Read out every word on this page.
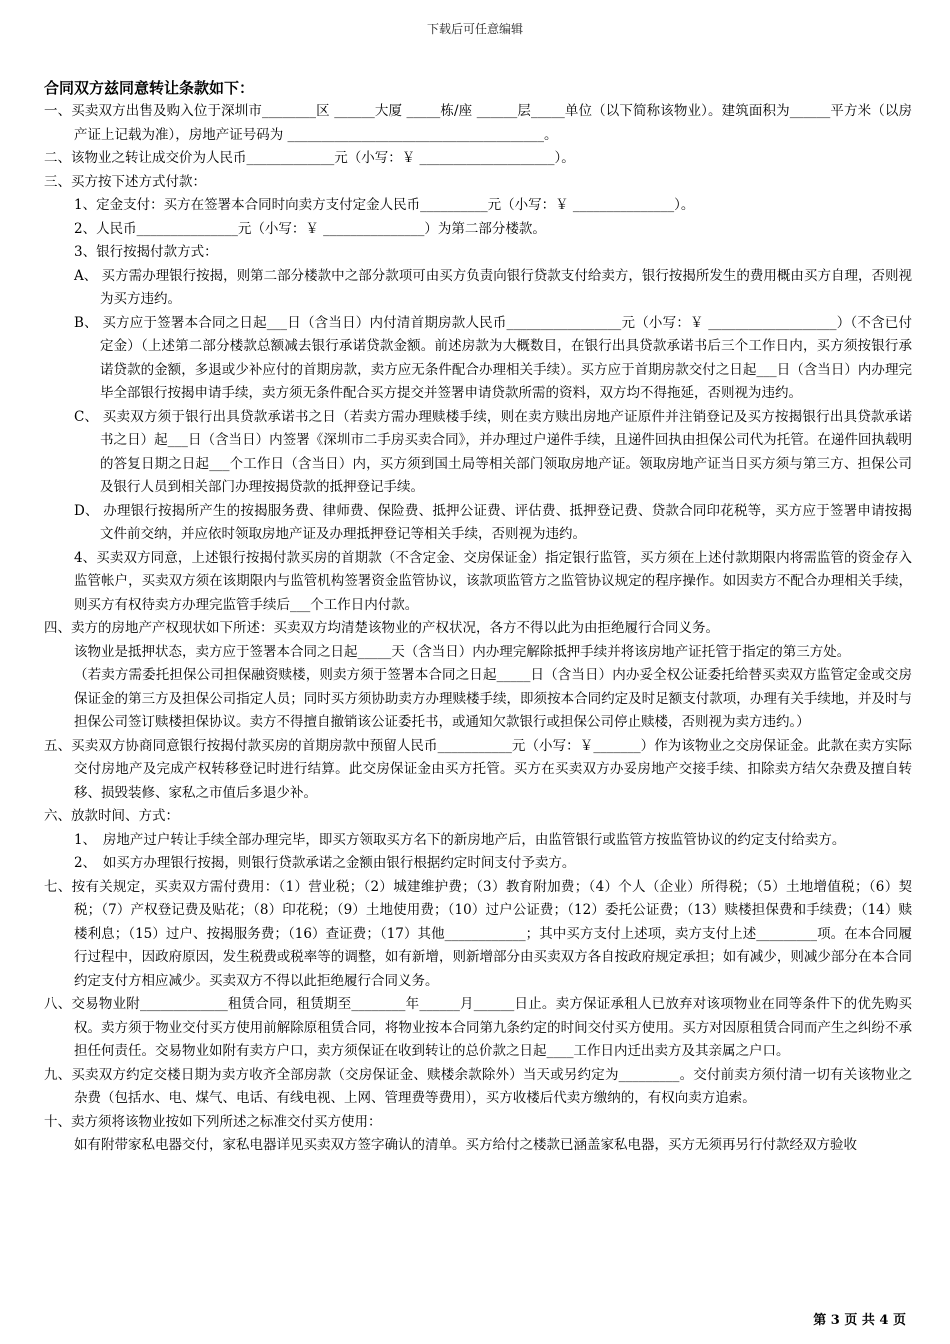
下载后可任意编辑
合同双方兹同意转让条款如下：
一、买卖双方出售及购入位于深圳市________区 ______大厦 _____栋/座 ______层_____单位（以下简称该物业）。建筑面积为______平方米（以房产证上记载为准），房地产证号码为 ______________________________________。
二、该物业之转让成交价为人民币_____________元（小写：￥ ____________________）。
三、买方按下述方式付款：
1、定金支付：买方在签署本合同时向卖方支付定金人民币__________元（小写：￥ _______________）。
2、人民币_______________元（小写：￥ _______________）为第二部分楼款。
3、银行按揭付款方式：
A、 买方需办理银行按揭，则第二部分楼款中之部分款项可由买方负责向银行贷款支付给卖方，银行按揭所发生的费用概由买方自理，否则视为买方违约。
B、 买方应于签署本合同之日起___日（含当日）内付清首期房款人民币_________________元（小写：￥ ___________________）（不含已付定金）（上述第二部分楼款总额减去银行承诺贷款金额。前述房款为大概数目，在银行出具贷款承诺书后三个工作日内，买方须按银行承诺贷款的金额，多退或少补应付的首期房款，卖方应无条件配合办理相关手续）。买方应于首期房款交付之日起___日（含当日）内办理完毕全部银行按揭申请手续，卖方须无条件配合买方提交并签署申请贷款所需的资料，双方均不得拖延，否则视为违约。
C、 买卖双方须于银行出具贷款承诺书之日（若卖方需办理赎楼手续，则在卖方赎出房地产证原件并注销登记及买方按揭银行出具贷款承诺书之日）起___日（含当日）内签署《深圳市二手房买卖合同》，并办理过户递件手续，且递件回执由担保公司代为托管。在递件回执载明的答复日期之日起___个工作日（含当日）内，买方须到国土局等相关部门领取房地产证。领取房地产证当日买方须与第三方、担保公司及银行人员到相关部门办理按揭贷款的抵押登记手续。
D、 办理银行按揭所产生的按揭服务费、律师费、保险费、抵押公证费、评估费、抵押登记费、贷款合同印花税等，买方应于签署申请按揭文件前交纳，并应依时领取房地产证及办理抵押登记等相关手续，否则视为违约。
4、买卖双方同意，上述银行按揭付款买房的首期款（不含定金、交房保证金）指定银行监管，买方须在上述付款期限内将需监管的资金存入监管帐户，买卖双方须在该期限内与监管机构签署资金监管协议，该款项监管方之监管协议规定的程序操作。如因卖方不配合办理相关手续，则买方有权待卖方办理完监管手续后___个工作日内付款。
四、卖方的房地产产权现状如下所述：买卖双方均清楚该物业的产权状况，各方不得以此为由拒绝履行合同义务。
该物业是抵押状态，卖方应于签署本合同之日起_____天（含当日）内办理完解除抵押手续并将该房地产证托管于指定的第三方处。
（若卖方需委托担保公司担保融资赎楼，则卖方须于签署本合同之日起_____日（含当日）内办妥全权公证委托给替买卖双方监管定金或交房保证金的第三方及担保公司指定人员；同时买方须协助卖方办理赎楼手续，即须按本合同约定及时足额支付款项，办理有关手续地，并及时与担保公司签订赎楼担保协议。卖方不得擅自撤销该公证委托书，或通知欠款银行或担保公司停止赎楼，否则视为卖方违约。）
五、买卖双方协商同意银行按揭付款买房的首期房款中预留人民币___________元（小写：￥_______）作为该物业之交房保证金。此款在卖方实际交付房地产及完成产权转移登记时进行结算。此交房保证金由买方托管。买方在买卖双方办妥房地产交接手续、扣除卖方结欠杂费及擅自转移、损毁装修、家私之市值后多退少补。
六、放款时间、方式：
1、　房地产过户转让手续全部办理完毕，即买方领取买方名下的新房地产后，由监管银行或监管方按监管协议的约定支付给卖方。
2、　如买方办理银行按揭，则银行贷款承诺之金额由银行根据约定时间支付予卖方。
七、按有关规定，买卖双方需付费用：（1）营业税；（2）城建维护费；（3）教育附加费；（4）个人（企业）所得税；（5）土地增值税；（6）契税；（7）产权登记费及贴花；（8）印花税；（9）土地使用费；（10）过户公证费；（12）委托公证费；（13）赎楼担保费和手续费；（14）赎楼利息；（15）过户、按揭服务费；（16）查证费；（17）其他____________；其中买方支付上述项，卖方支付上述_________项。在本合同履行过程中，因政府原因，发生税费或税率等的调整，如有新增，则新增部分由买卖双方各自按政府规定承担；如有减少，则减少部分在本合同约定支付方相应减少。买卖双方不得以此拒绝履行合同义务。
八、交易物业附_____________租赁合同，租赁期至________年______月______日止。卖方保证承租人已放弃对该项物业在同等条件下的优先购买权。卖方须于物业交付买方使用前解除原租赁合同，将物业按本合同第九条约定的时间交付买方使用。买方对因原租赁合同而产生之纠纷不承担任何责任。交易物业如附有卖方户口，卖方须保证在收到转让的总价款之日起____工作日内迁出卖方及其亲属之户口。
九、买卖双方约定交楼日期为卖方收齐全部房款（交房保证金、赎楼余款除外）当天或另约定为_________。交付前卖方须付清一切有关该物业之杂费（包括水、电、煤气、电话、有线电视、上网、管理费等费用），买方收楼后代卖方缴纳的，有权向卖方追索。
十、卖方须将该物业按如下列所述之标准交付买方使用：
如有附带家私电器交付，家私电器详见买卖双方签字确认的清单。买方给付之楼款已涵盖家私电器，买方无须再另行付款经双方验收
第 3 页 共 4 页
